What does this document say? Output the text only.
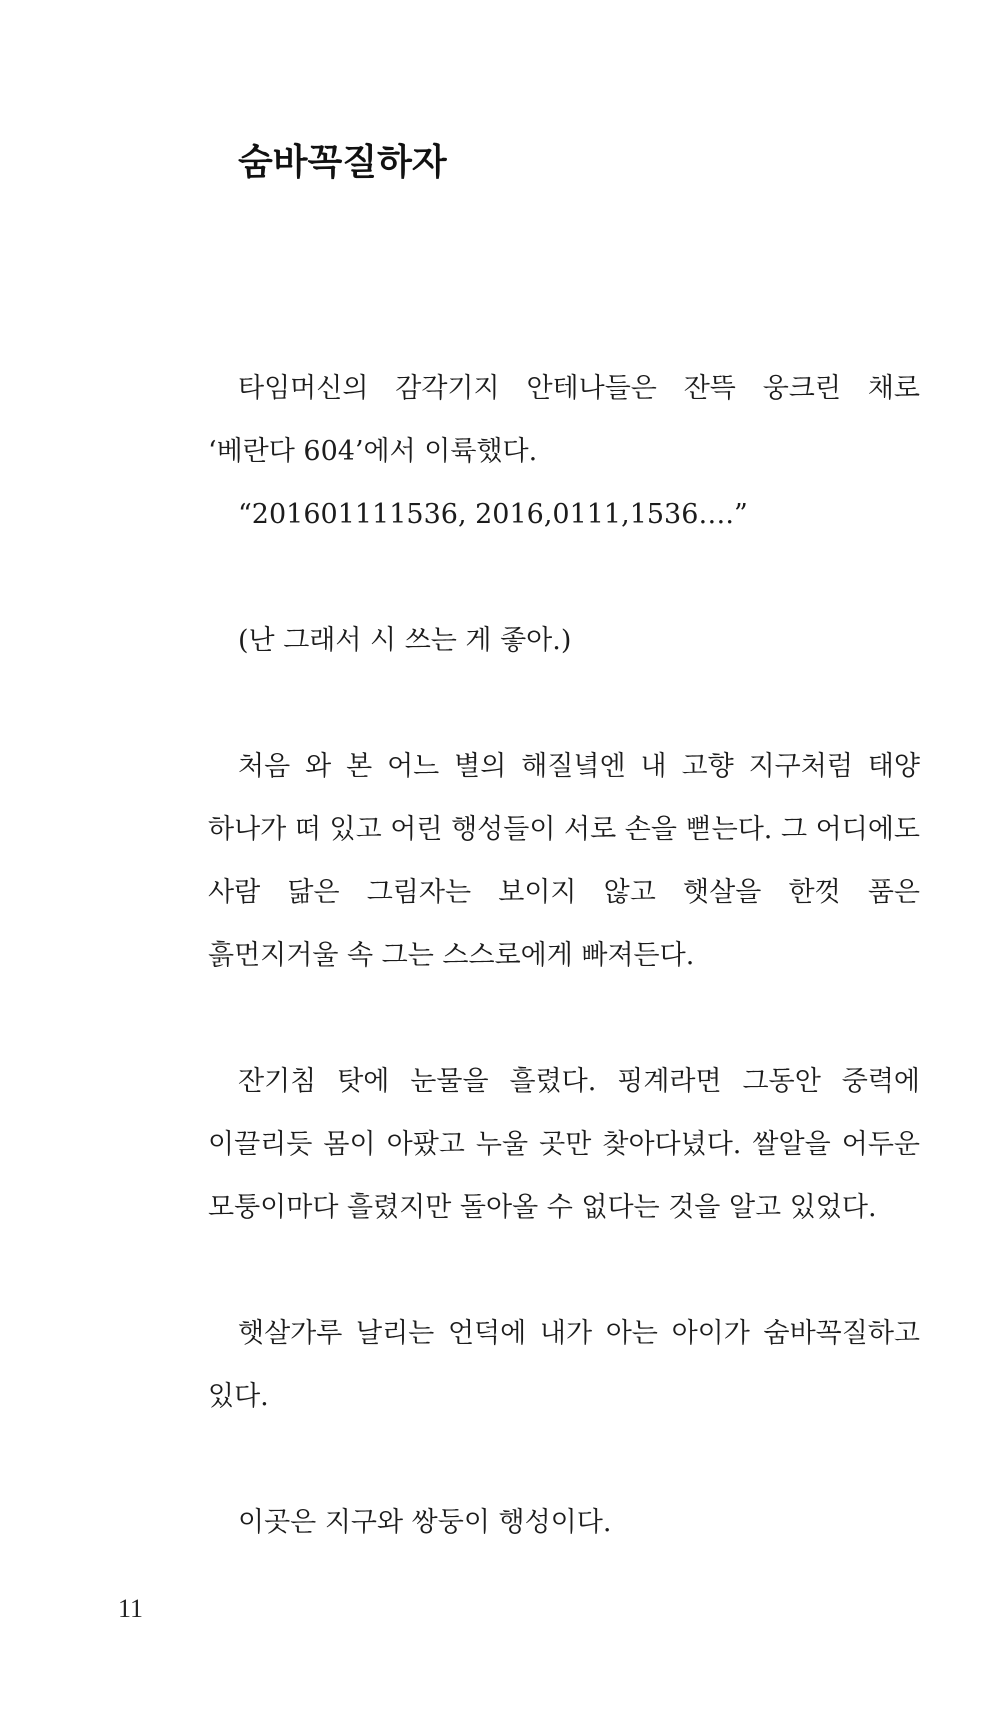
숨바꼭질하자

타임머신의 감각기지 안테나들은 잔뜩 웅크린 채로 ‘베란다 604’에서 이륙했다.

“201601111536, 2016,0111,1536….”

(난 그래서 시 쓰는 게 좋아.)

처음 와 본 어느 별의 해질녘엔 내 고향 지구처럼 태양 하나가 떠 있고 어린 행성들이 서로 손을 뻗는다. 그 어디에도 사람 닮은 그림자는 보이지 않고 햇살을 한껏 품은 흙먼지거울 속 그는 스스로에게 빠져든다.

잔기침 탓에 눈물을 흘렸다. 핑계라면 그동안 중력에 이끌리듯 몸이 아팠고 누울 곳만 찾아다녔다. 쌀알을 어두운 모퉁이마다 흘렸지만 돌아올 수 없다는 것을 알고 있었다.

햇살가루 날리는 언덕에 내가 아는 아이가 숨바꼭질하고 있다.

이곳은 지구와 쌍둥이 행성이다.

11
